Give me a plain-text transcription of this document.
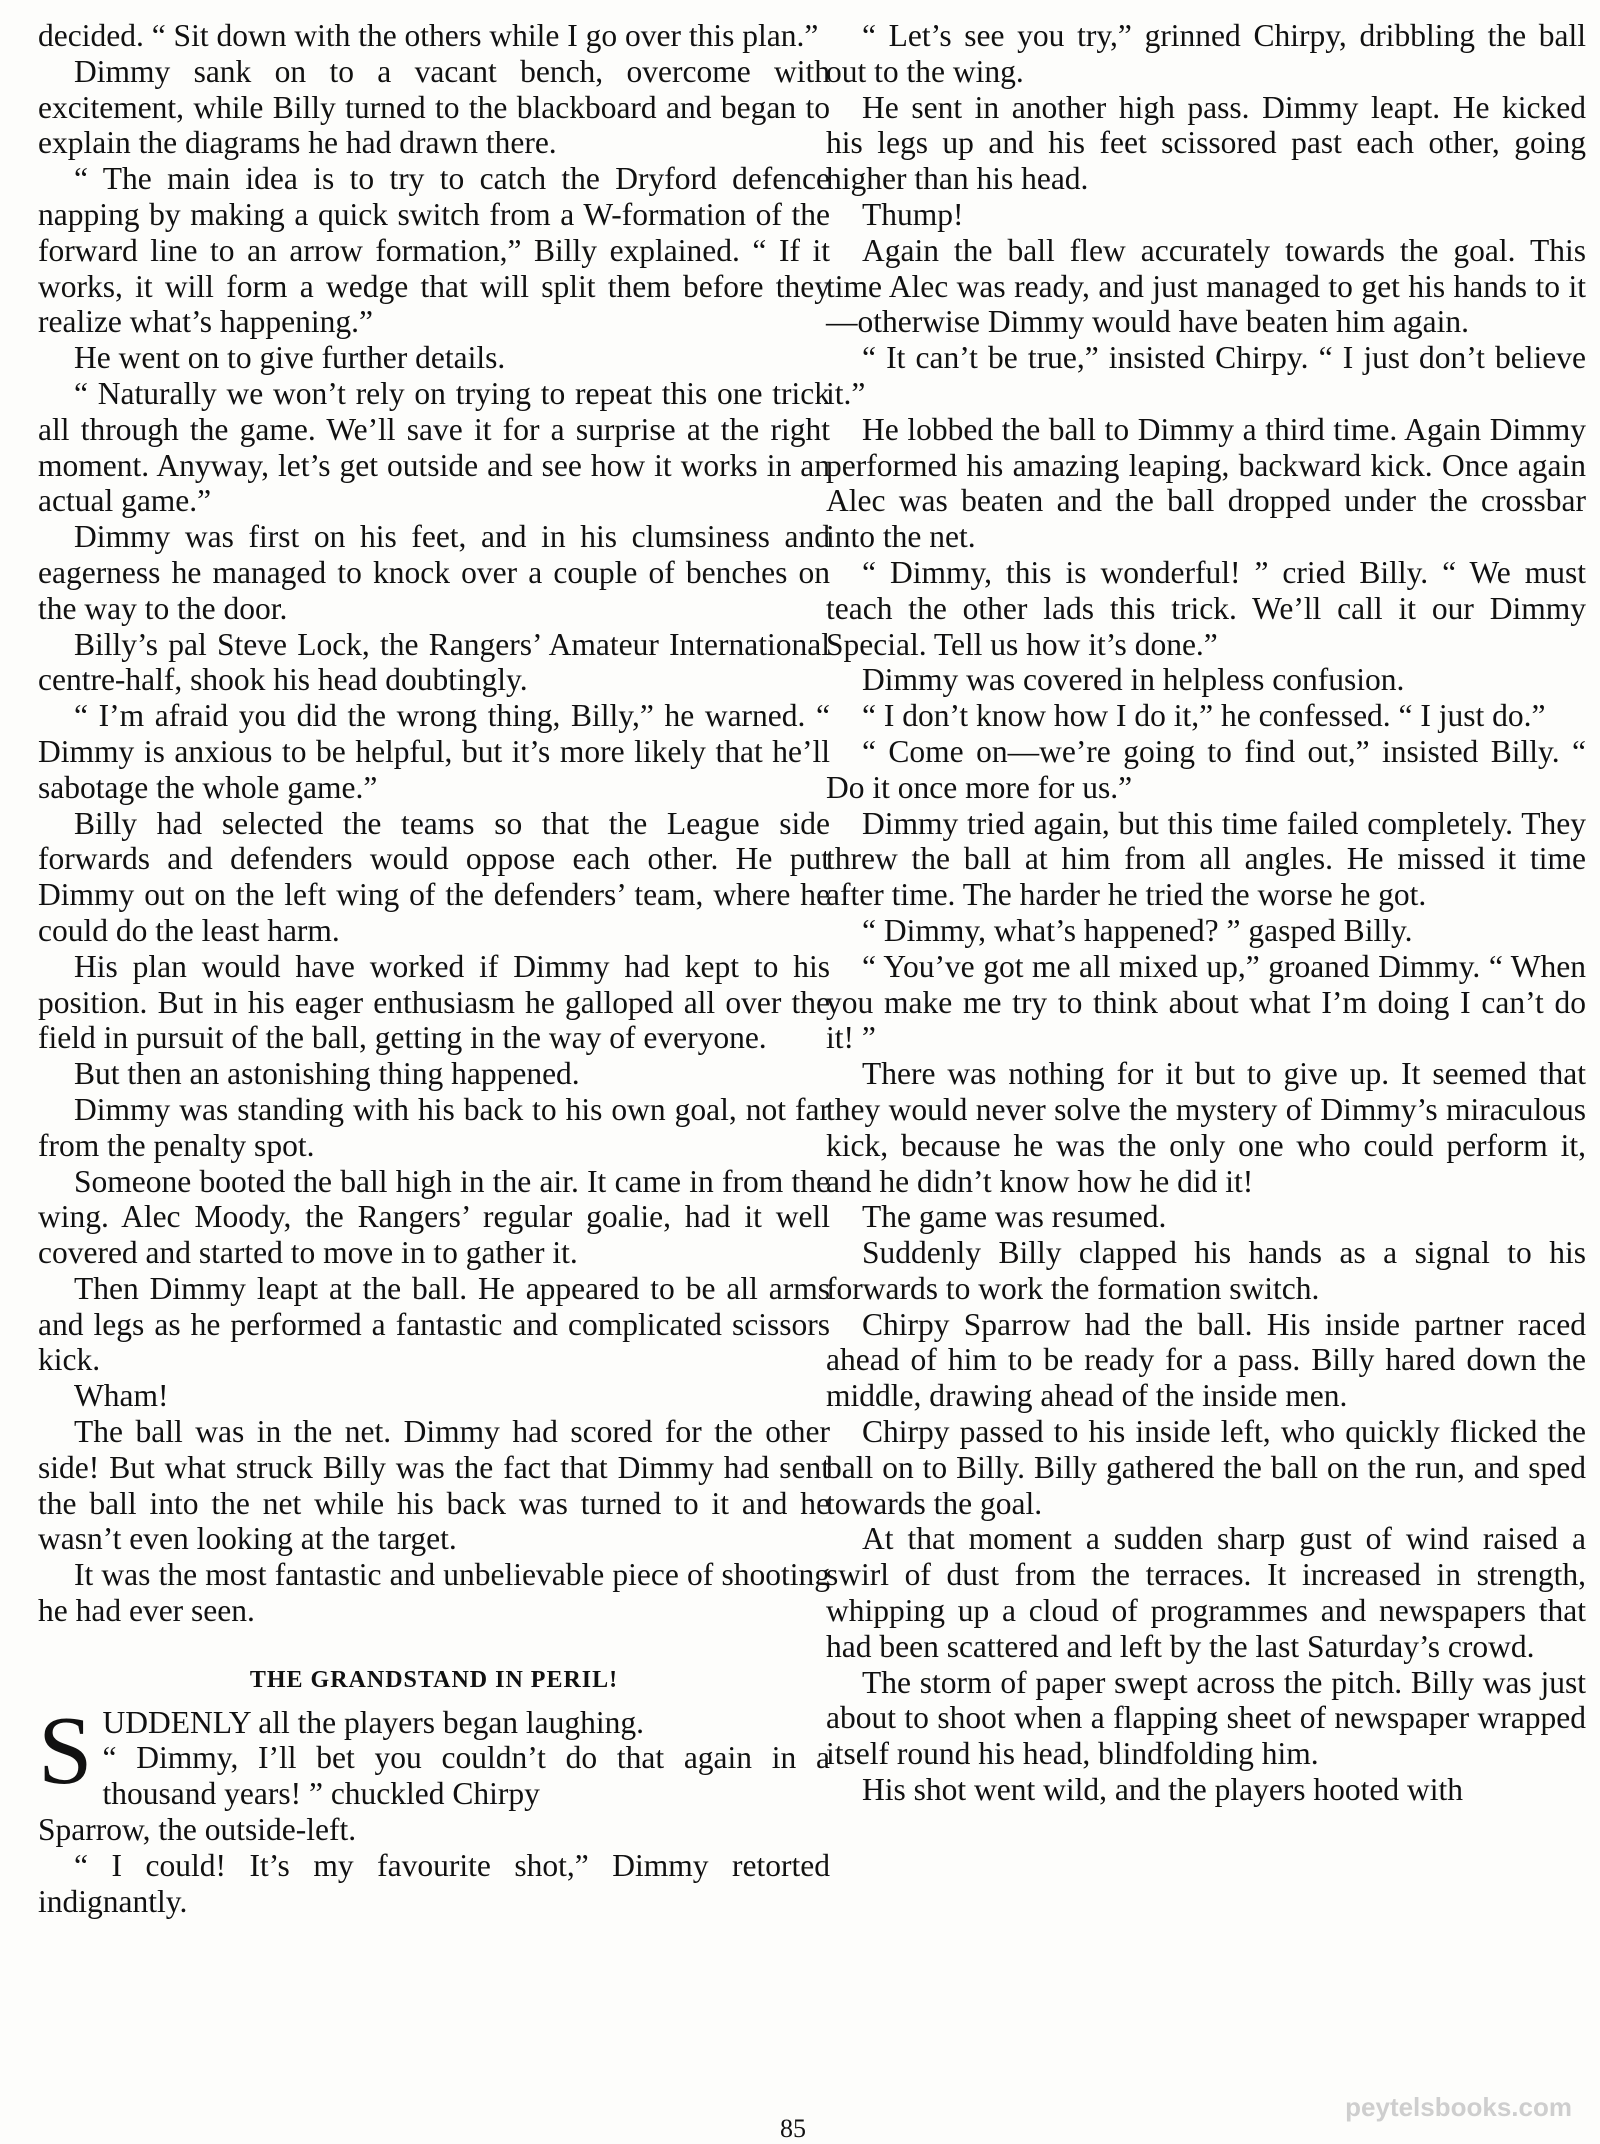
decided. “ Sit down with the others while I go over this plan.”

Dimmy sank on to a vacant bench, overcome with excitement, while Billy turned to the blackboard and began to explain the diagrams he had drawn there.

“ The main idea is to try to catch the Dryford defence napping by making a quick switch from a W-formation of the forward line to an arrow formation,” Billy explained. “ If it works, it will form a wedge that will split them before they realize what’s happening.”

He went on to give further details.

“ Naturally we won’t rely on trying to repeat this one trick all through the game. We’ll save it for a surprise at the right moment. Anyway, let’s get outside and see how it works in an actual game.”

Dimmy was first on his feet, and in his clumsiness and eagerness he managed to knock over a couple of benches on the way to the door.

Billy’s pal Steve Lock, the Rangers’ Amateur International centre-half, shook his head doubtingly.

“ I’m afraid you did the wrong thing, Billy,” he warned. “ Dimmy is anxious to be helpful, but it’s more likely that he’ll sabotage the whole game.”

Billy had selected the teams so that the League side forwards and defenders would oppose each other. He put Dimmy out on the left wing of the defenders’ team, where he could do the least harm.

His plan would have worked if Dimmy had kept to his position. But in his eager enthusiasm he galloped all over the field in pursuit of the ball, getting in the way of everyone.

But then an astonishing thing happened.

Dimmy was standing with his back to his own goal, not far from the penalty spot.

Someone booted the ball high in the air. It came in from the wing. Alec Moody, the Rangers’ regular goalie, had it well covered and started to move in to gather it.

Then Dimmy leapt at the ball. He appeared to be all arms and legs as he performed a fantastic and complicated scissors kick.

Wham!

The ball was in the net. Dimmy had scored for the other side! But what struck Billy was the fact that Dimmy had sent the ball into the net while his back was turned to it and he wasn’t even looking at the target.

It was the most fantastic and unbelievable piece of shooting he had ever seen.

THE GRANDSTAND IN PERIL!

SUDDENLY all the players began laughing.
“ Dimmy, I’ll bet you couldn’t do that again in a thousand years! ” chuckled Chirpy

Sparrow, the outside-left.

“ I could! It’s my favourite shot,” Dimmy retorted indignantly.

“ Let’s see you try,” grinned Chirpy, dribbling the ball out to the wing.

He sent in another high pass. Dimmy leapt. He kicked his legs up and his feet scissored past each other, going higher than his head.

Thump!

Again the ball flew accurately towards the goal. This time Alec was ready, and just managed to get his hands to it—otherwise Dimmy would have beaten him again.

“ It can’t be true,” insisted Chirpy. “ I just don’t believe it.”

He lobbed the ball to Dimmy a third time. Again Dimmy performed his amazing leaping, backward kick. Once again Alec was beaten and the ball dropped under the crossbar into the net.

“ Dimmy, this is wonderful! ” cried Billy. “ We must teach the other lads this trick. We’ll call it our Dimmy Special. Tell us how it’s done.”

Dimmy was covered in helpless confusion.

“ I don’t know how I do it,” he confessed. “ I just do.”

“ Come on—we’re going to find out,” insisted Billy. “ Do it once more for us.”

Dimmy tried again, but this time failed completely. They threw the ball at him from all angles. He missed it time after time. The harder he tried the worse he got.

“ Dimmy, what’s happened? ” gasped Billy.

“ You’ve got me all mixed up,” groaned Dimmy. “ When you make me try to think about what I’m doing I can’t do it! ”

There was nothing for it but to give up. It seemed that they would never solve the mystery of Dimmy’s miraculous kick, because he was the only one who could perform it, and he didn’t know how he did it!

The game was resumed.

Suddenly Billy clapped his hands as a signal to his forwards to work the formation switch.

Chirpy Sparrow had the ball. His inside partner raced ahead of him to be ready for a pass. Billy hared down the middle, drawing ahead of the inside men.

Chirpy passed to his inside left, who quickly flicked the ball on to Billy. Billy gathered the ball on the run, and sped towards the goal.

At that moment a sudden sharp gust of wind raised a swirl of dust from the terraces. It increased in strength, whipping up a cloud of programmes and newspapers that had been scattered and left by the last Saturday’s crowd.

The storm of paper swept across the pitch. Billy was just about to shoot when a flapping sheet of newspaper wrapped itself round his head, blindfolding him.

His shot went wild, and the players hooted with

85
peytelsbooks.com
